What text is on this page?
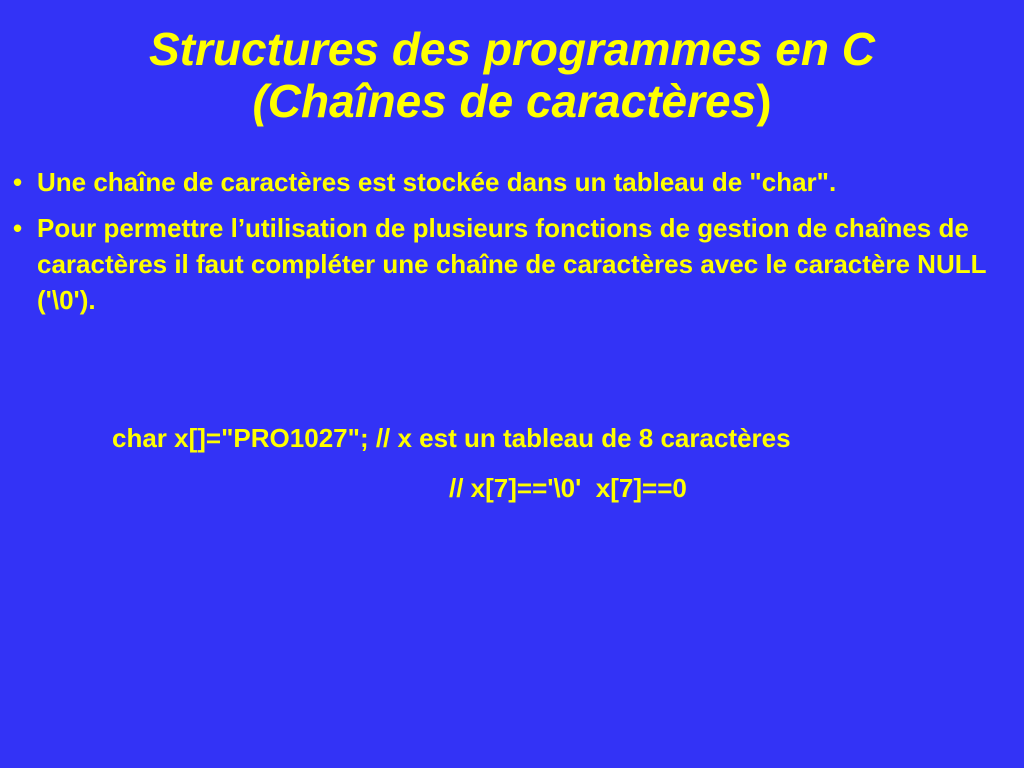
Structures des programmes en C
(Chaînes de caractères)
• Une chaîne de caractères est stockée dans un tableau de "char".
• Pour permettre l’utilisation de plusieurs fonctions de gestion de chaînes de caractères il faut compléter une chaîne de caractères avec le caractère NULL ('\0').
char x[]="PRO1027"; // x est un tableau de 8 caractères
// x[7]=='\0'  x[7]==0
